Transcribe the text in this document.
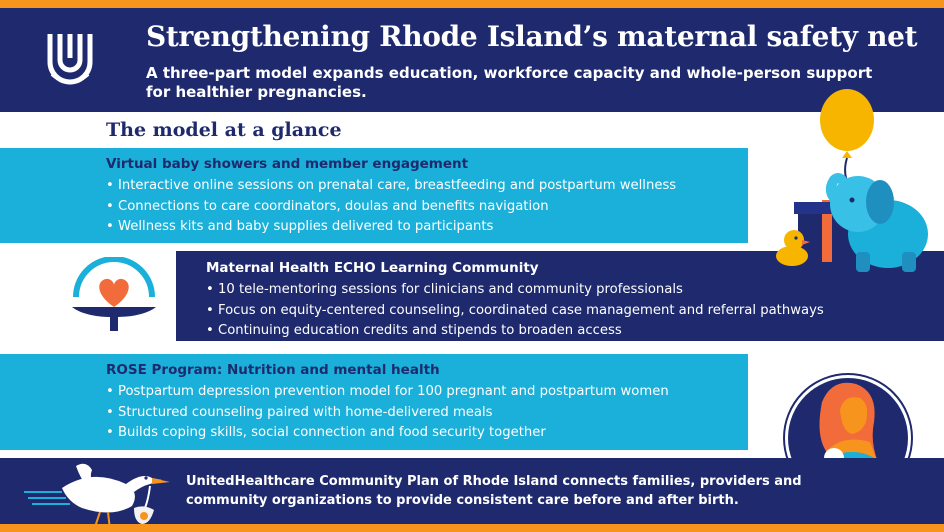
Strengthening Rhode Island’s maternal safety net
A three-part model expands education, workforce capacity and whole-person support for healthier pregnancies.
The model at a glance
Virtual baby showers and member engagement
• Interactive online sessions on prenatal care, breastfeeding and postpartum wellness
• Connections to care coordinators, doulas and benefits navigation
• Wellness kits and baby supplies delivered to participants
Maternal Health ECHO Learning Community
• 10 tele-mentoring sessions for clinicians and community professionals
• Focus on equity-centered counseling, coordinated case management and referral pathways
• Continuing education credits and stipends to broaden access
ROSE Program: Nutrition and mental health
• Postpartum depression prevention model for 100 pregnant and postpartum women
• Structured counseling paired with home-delivered meals
• Builds coping skills, social connection and food security together
UnitedHealthcare Community Plan of Rhode Island connects families, providers and community organizations to provide consistent care before and after birth.
